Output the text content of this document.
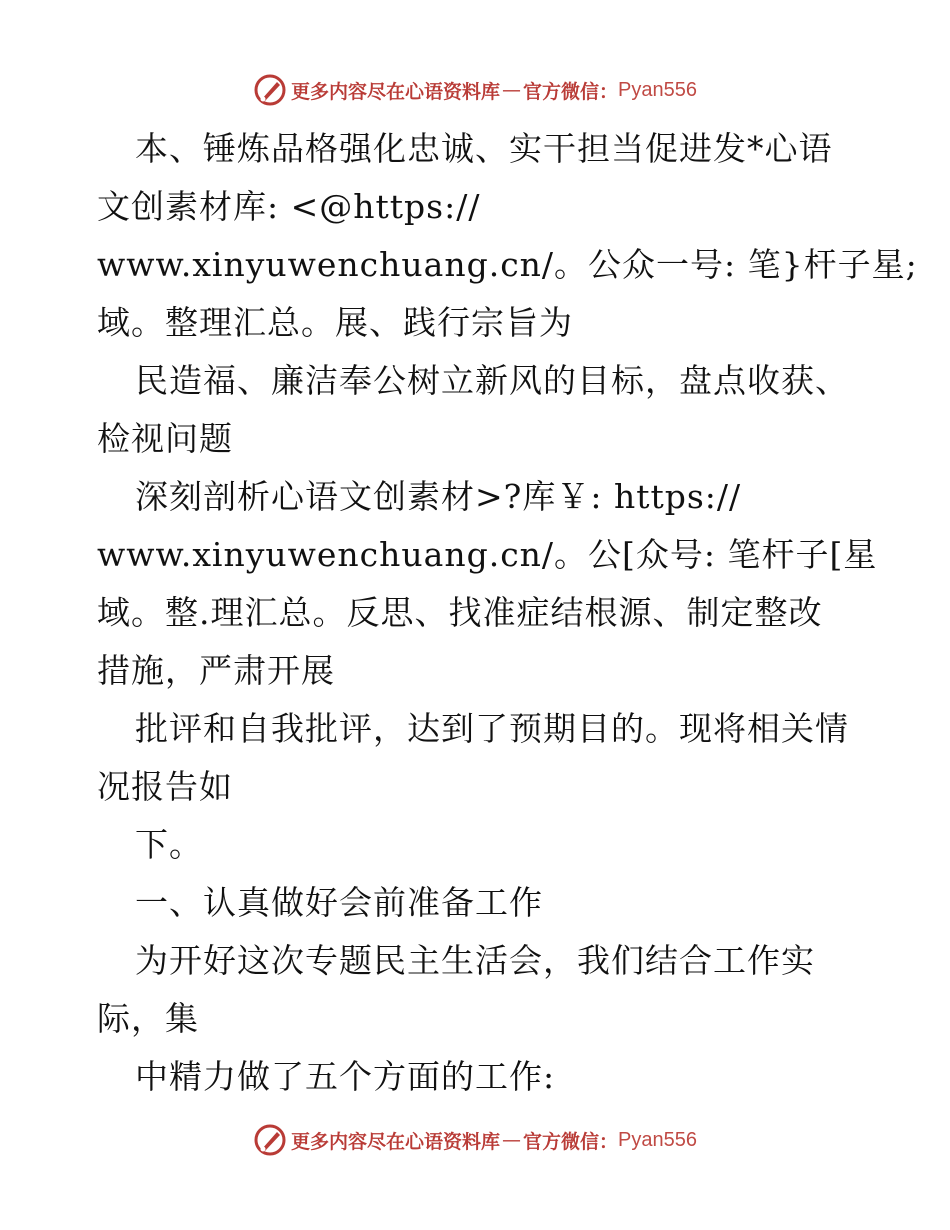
更多内容尽在心语资料库 — 官方微信： Pyan556
本、锤炼品格强化忠诚、实干担当促进发*心语
文创素材库: <@https://
www.xinyuwenchuang.cn/。公众一号: 笔}杆子星;
域。整理汇总。展、践行宗旨为
民造福、廉洁奉公树立新风的目标，盘点收获、
检视问题
深刻剖析心语文创素材>?库￥: https://
www.xinyuwenchuang.cn/。公[众号: 笔杆子[星
域。整.理汇总。反思、找准症结根源、制定整改
措施，严肃开展
批评和自我批评，达到了预期目的。现将相关情
况报告如
下。
一、认真做好会前准备工作
为开好这次专题民主生活会，我们结合工作实
际，集
中精力做了五个方面的工作:
更多内容尽在心语资料库 — 官方微信： Pyan556
